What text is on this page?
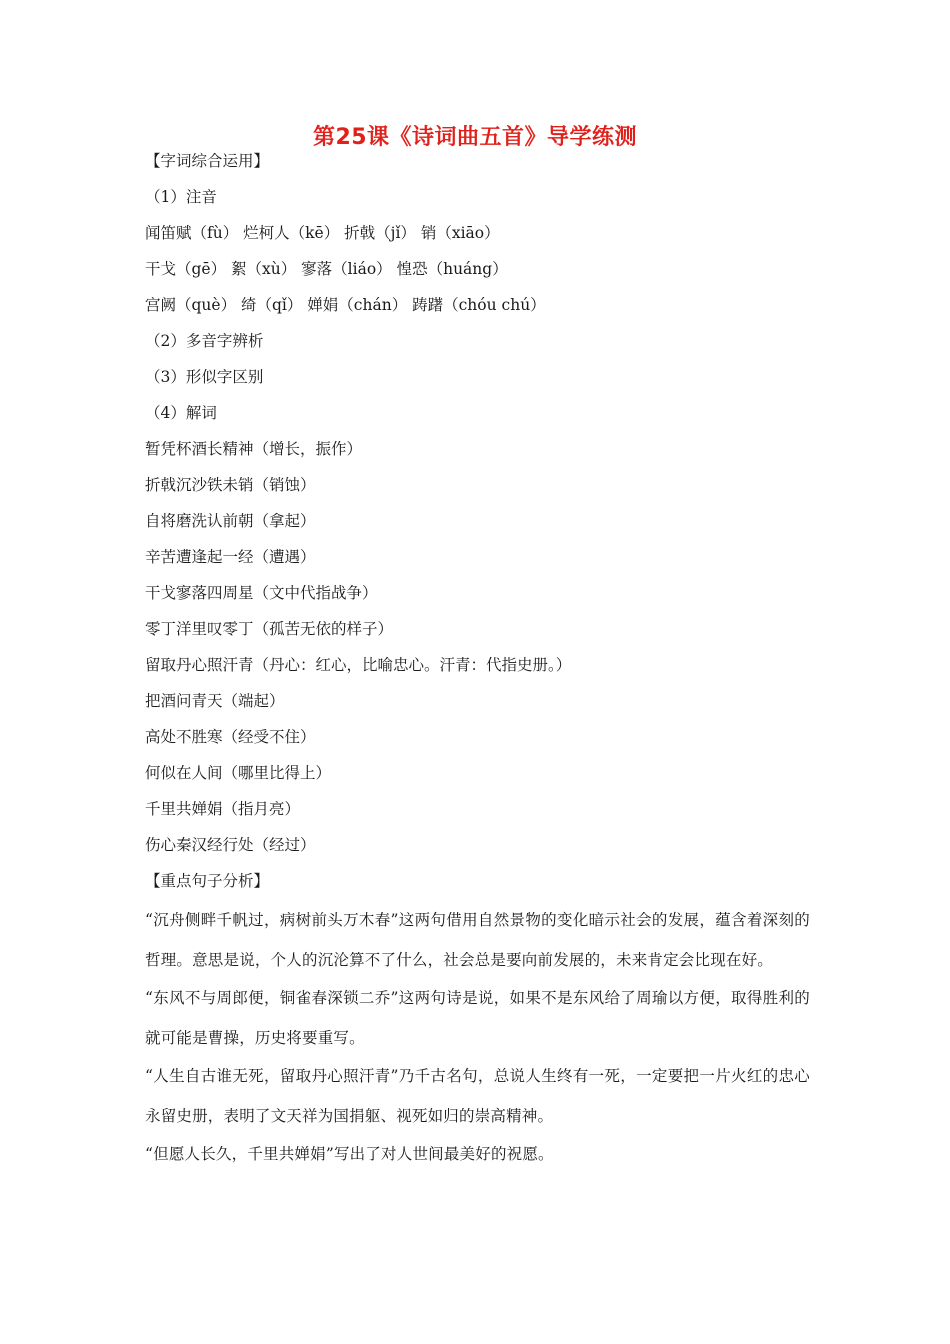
第25课《诗词曲五首》导学练测
【字词综合运用】
（1）注音
闻笛赋（fù） 烂柯人（kē） 折戟（jǐ） 销（xiāo）
干戈（gē） 絮（xù） 寥落（liáo） 惶恐（huáng）
宫阙（què） 绮（qǐ） 婵娟（chán） 踌躇（chóu chú）
（2）多音字辨析
（3）形似字区别
（4）解词
暂凭杯酒长精神（增长，振作）
折戟沉沙铁未销（销蚀）
自将磨洗认前朝（拿起）
辛苦遭逢起一经（遭遇）
干戈寥落四周星（文中代指战争）
零丁洋里叹零丁（孤苦无依的样子）
留取丹心照汗青（丹心：红心，比喻忠心。汗青：代指史册。）
把酒问青天（端起）
高处不胜寒（经受不住）
何似在人间（哪里比得上）
千里共婵娟（指月亮）
伤心秦汉经行处（经过）
【重点句子分析】
“沉舟侧畔千帆过，病树前头万木春”这两句借用自然景物的变化暗示社会的发展，蕴含着深刻的哲理。意思是说，个人的沉沦算不了什么，社会总是要向前发展的，未来肯定会比现在好。
“东风不与周郎便，铜雀春深锁二乔”这两句诗是说，如果不是东风给了周瑜以方便，取得胜利的就可能是曹操，历史将要重写。
“人生自古谁无死，留取丹心照汗青”乃千古名句，总说人生终有一死，一定要把一片火红的忠心永留史册，表明了文天祥为国捐躯、视死如归的崇高精神。
“但愿人长久，千里共婵娟”写出了对人世间最美好的祝愿。
